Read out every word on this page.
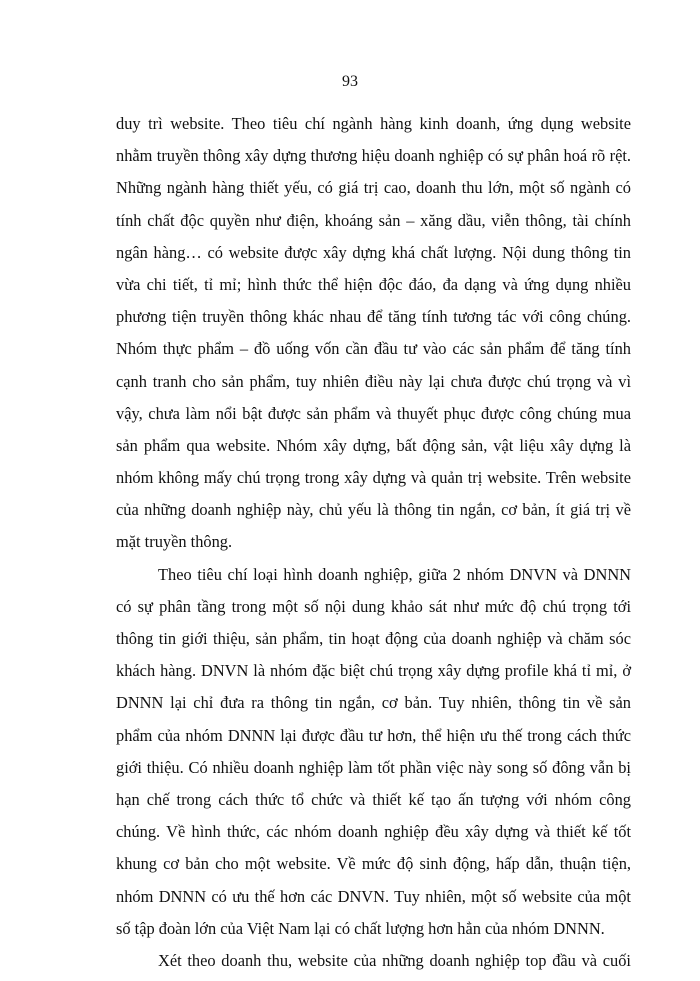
93
duy trì website. Theo tiêu chí ngành hàng kinh doanh, ứng dụng website
nhằm truyền thông xây dựng thương hiệu doanh nghiệp có sự phân hoá rõ rệt.
Những ngành hàng thiết yếu, có giá trị cao, doanh thu lớn, một số ngành có
tính chất độc quyền như điện, khoáng sản – xăng dầu, viễn thông, tài chính
ngân hàng… có website được xây dựng khá chất lượng. Nội dung thông tin
vừa chi tiết, tỉ mỉ; hình thức thể hiện độc đáo, đa dạng và ứng dụng nhiều
phương tiện truyền thông khác nhau để tăng tính tương tác với công chúng.
Nhóm thực phẩm – đồ uống vốn cần đầu tư vào các sản phẩm để tăng tính
cạnh tranh cho sản phẩm, tuy nhiên điều này lại chưa được chú trọng và vì
vậy, chưa làm nổi bật được sản phẩm và thuyết phục được công chúng mua
sản phẩm qua website. Nhóm xây dựng, bất động sản, vật liệu xây dựng là
nhóm không mấy chú trọng trong xây dựng và quản trị website. Trên website
của những doanh nghiệp này, chủ yếu là thông tin ngắn, cơ bản, ít giá trị về
mặt truyền thông.
Theo tiêu chí loại hình doanh nghiệp, giữa 2 nhóm DNVN và DNNN
có sự phân tầng trong một số nội dung khảo sát như mức độ chú trọng tới
thông tin giới thiệu, sản phẩm, tin hoạt động của doanh nghiệp và chăm sóc
khách hàng. DNVN là nhóm đặc biệt chú trọng xây dựng profile khá tỉ mỉ, ở
DNNN lại chỉ đưa ra thông tin ngắn, cơ bản. Tuy nhiên, thông tin về sản
phẩm của nhóm DNNN lại được đầu tư hơn, thể hiện ưu thế trong cách thức
giới thiệu. Có nhiều doanh nghiệp làm tốt phần việc này song số đông vẫn bị
hạn chế trong cách thức tổ chức và thiết kế tạo ấn tượng với nhóm công
chúng. Về hình thức, các nhóm doanh nghiệp đều xây dựng và thiết kế tốt
khung cơ bản cho một website. Về mức độ sinh động, hấp dẫn, thuận tiện,
nhóm DNNN có ưu thế hơn các DNVN. Tuy nhiên, một số website của một
số tập đoàn lớn của Việt Nam lại có chất lượng hơn hẳn của nhóm DNNN.
Xét theo doanh thu, website của những doanh nghiệp top đầu và cuối
